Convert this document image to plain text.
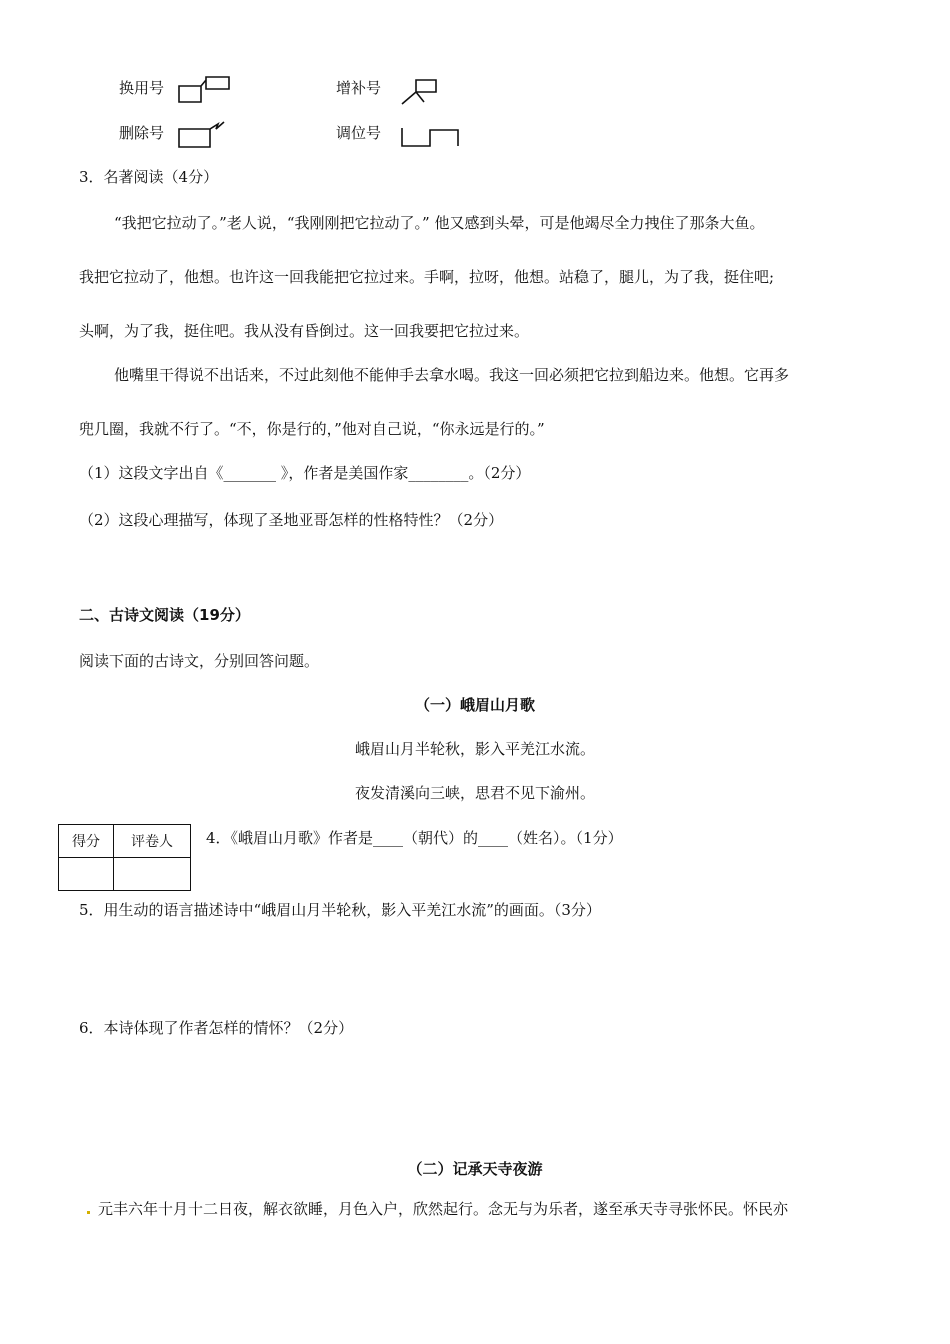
换用号	增补号
删除号	调位号
3．名著阅读（4分）
“我把它拉动了。”老人说，“我刚刚把它拉动了。” 他又感到头晕，可是他竭尽全力拽住了那条大鱼。
我把它拉动了，他想。也许这一回我能把它拉过来。手啊，拉呀，他想。站稳了，腿儿，为了我，挺住吧;
头啊，为了我，挺住吧。我从没有昏倒过。这一回我要把它拉过来。
他嘴里干得说不出话来，不过此刻他不能伸手去拿水喝。我这一回必须把它拉到船边来。他想。它再多
兜几圈，我就不行了。“不，你是行的，”他对自己说，“你永远是行的。”
（1）这段文字出自《_______ 》，作者是美国作家________。（2分）
（2）这段心理描写，体现了圣地亚哥怎样的性格特性？（2分）
二、古诗文阅读（19分）
阅读下面的古诗文，分别回答问题。
（一）峨眉山月歌
峨眉山月半轮秋，影入平羌江水流。
夜发清溪向三峡，思君不见下渝州。
得分	评卷人
	4．《峨眉山月歌》作者是____（朝代）的____（姓名）。（1分）
5．用生动的语言描述诗中“峨眉山月半轮秋，影入平羌江水流”的画面。（3分）
6．本诗体现了作者怎样的情怀？（2分）
（二）记承天寺夜游
元丰六年十月十二日夜，解衣欲睡，月色入户，欣然起行。念无与为乐者，遂至承天寺寻张怀民。怀民亦
